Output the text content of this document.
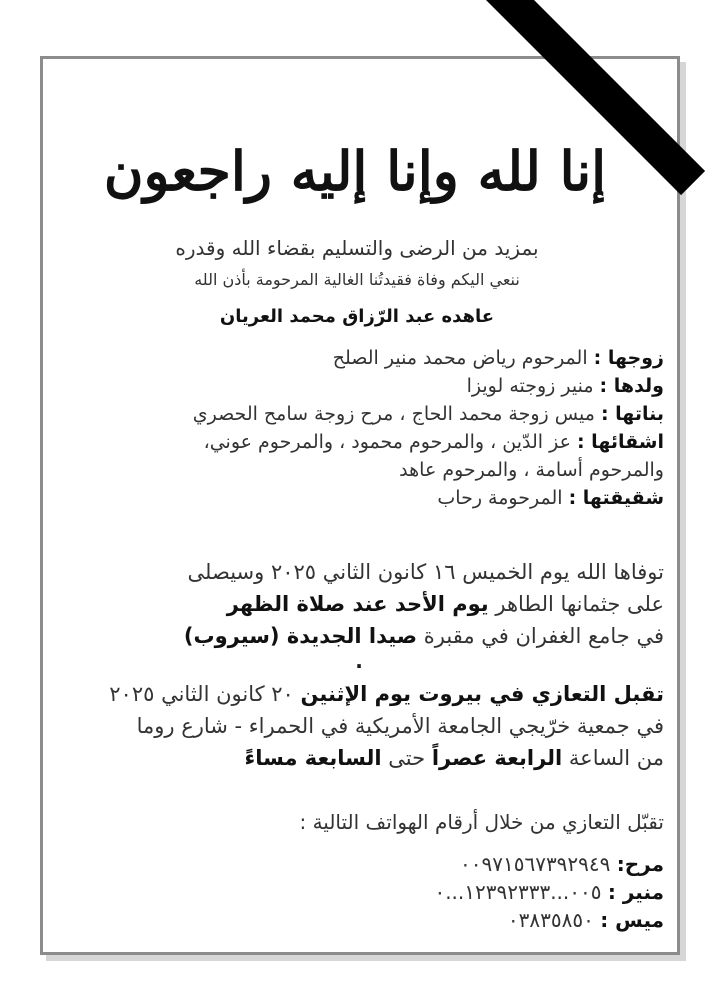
إنا لله وإنا إليه راجعون
بمزيد من الرضى والتسليم بقضاء الله وقدره
ننعي اليكم وفاة فقيدتُنا الغالية المرحومة بأذن الله
عاهده عبد الرّزاق محمد العريان
زوجها : المرحوم رياض محمد منير الصلح
ولدها : منير زوجته لويزا
بناتها : ميس زوجة محمد الحاج ، مرح زوجة سامح الحصري
اشقائها : عز الدّين ، والمرحوم محمود ، والمرحوم عوني،
والمرحوم أسامة ، والمرحوم عاهد
شقيقتها : المرحومة رحاب
توفاها الله يوم الخميس ١٦ كانون الثاني ٢٠٢٥ وسيصلى
على جثمانها الطاهر يوم الأحد عند صلاة الظهر
في جامع الغفران في مقبرة صيدا الجديدة (سيروب)
.
تقبل التعازي في بيروت يوم الإثنين ٢٠ كانون الثاني ٢٠٢٥
في جمعية خرّيجي الجامعة الأمريكية في الحمراء - شارع روما
من الساعة الرابعة عصراً حتى السابعة مساءً
تقبّل التعازي من خلال أرقام الهواتف التالية :
مرح: ٠٠٩٧١٥٦٧٣٩٢٩٤٩
منير : ٠٠٥...١٢٣٩٢٣٣٣...٠
ميس : ٠٣٨٣٥٨٥٠
